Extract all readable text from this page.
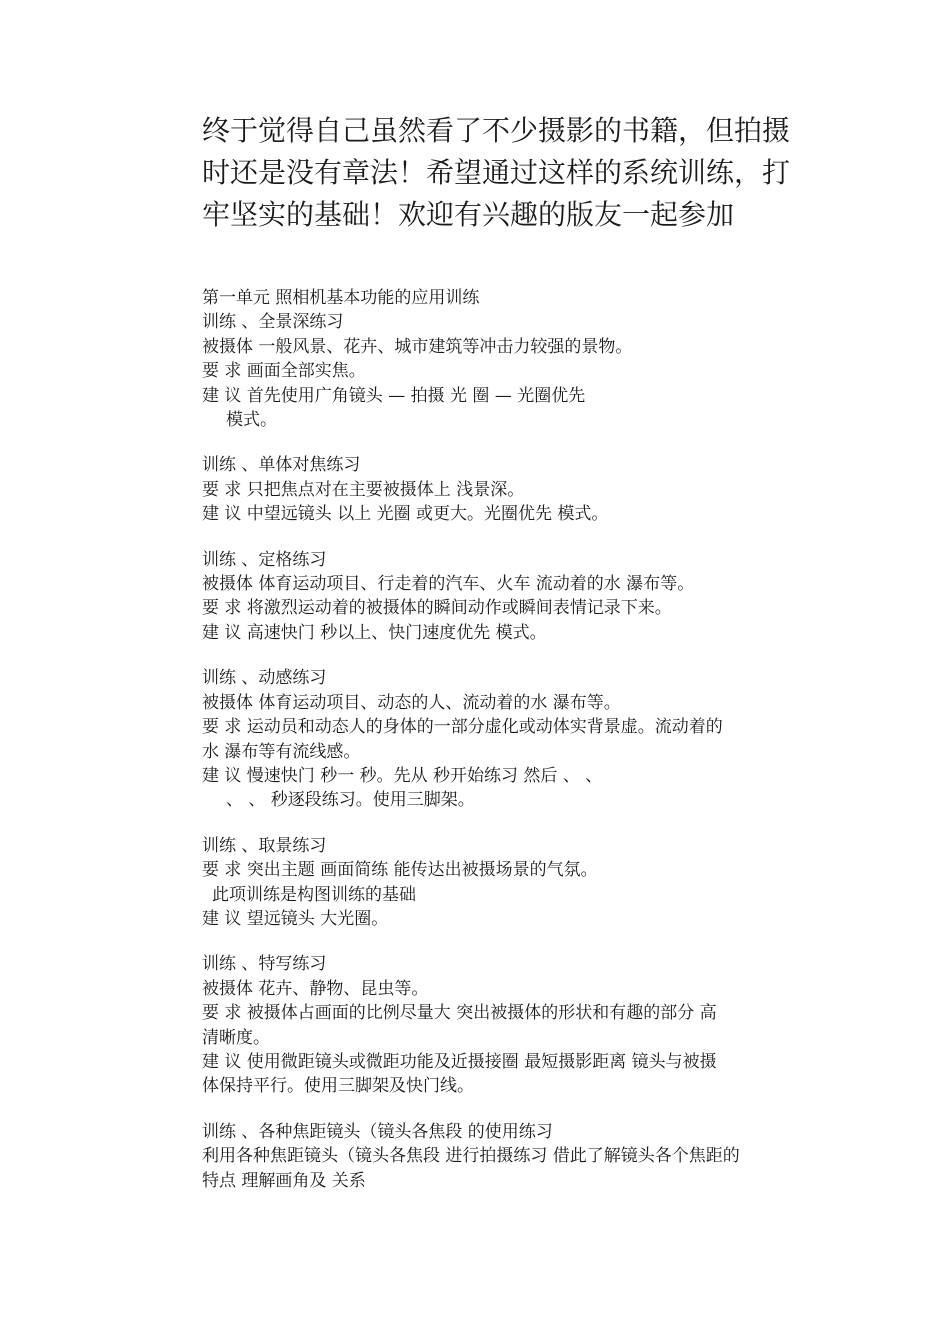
终于觉得自己虽然看了不少摄影的书籍，但拍摄
时还是没有章法！希望通过这样的系统训练，打
牢坚实的基础！欢迎有兴趣的版友一起参加
第一单元 照相机基本功能的应用训练
训练 、全景深练习
被摄体 一般风景、花卉、城市建筑等冲击力较强的景物。
要 求 画面全部实焦。
建 议 首先使用广角镜头 — 拍摄 光 圈 — 光圈优先
模式。
训练 、单体对焦练习
要 求 只把焦点对在主要被摄体上 浅景深。
建 议 中望远镜头 以上 光圈 或更大。光圈优先 模式。
训练 、定格练习
被摄体 体育运动项目、行走着的汽车、火车 流动着的水 瀑布等。
要 求 将激烈运动着的被摄体的瞬间动作或瞬间表情记录下来。
建 议 高速快门 秒以上、快门速度优先 模式。
训练 、动感练习
被摄体 体育运动项目、动态的人、流动着的水 瀑布等。
要 求 运动员和动态人的身体的一部分虚化或动体实背景虚。流动着的
水 瀑布等有流线感。
建 议 慢速快门 秒一 秒。先从 秒开始练习 然后 、 、
、 、 秒逐段练习。使用三脚架。
训练 、取景练习
要 求 突出主题 画面简练 能传达出被摄场景的气氛。
此项训练是构图训练的基础
建 议 望远镜头 大光圈。
训练 、特写练习
被摄体 花卉、静物、昆虫等。
要 求 被摄体占画面的比例尽量大 突出被摄体的形状和有趣的部分 高
清晰度。
建 议 使用微距镜头或微距功能及近摄接圈 最短摄影距离 镜头与被摄
体保持平行。使用三脚架及快门线。
训练 、各种焦距镜头（镜头各焦段 的使用练习
利用各种焦距镜头（镜头各焦段 进行拍摄练习 借此了解镜头各个焦距的
特点 理解画角及 关系
